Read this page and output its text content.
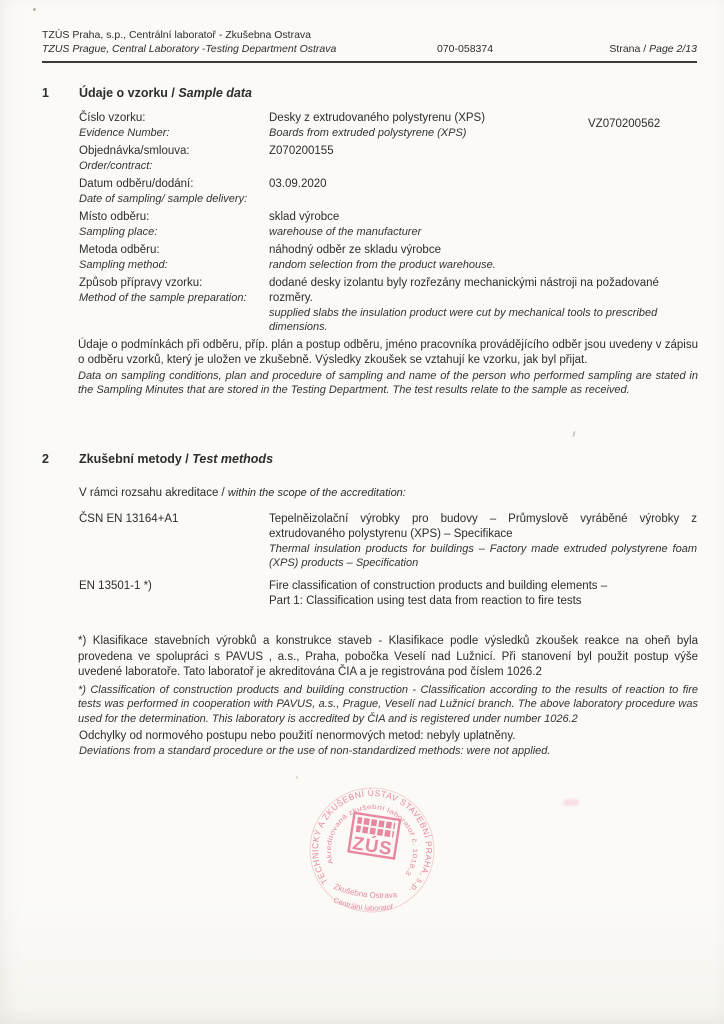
TZÚS Praha, s.p., Centrální laboratoř - Zkušebna Ostrava
TZUS Prague, Central Laboratory -Testing Department Ostrava	070-058374	Strana / Page 2/13
1 Údaje o vzorku / Sample data
VZ070200562
Číslo vzorku:
Evidence Number:
Desky z extrudovaného polystyrenu (XPS)
Boards from extruded polystyrene (XPS)
Objednávka/smlouva:
Order/contract:
Z070200155
Datum odběru/dodání:
Date of sampling/ sample delivery:
03.09.2020
Místo odběru:
Sampling place:
sklad výrobce
warehouse of the manufacturer
Metoda odběru:
Sampling method:
náhodný odběr ze skladu výrobce
random selection from the product warehouse.
Způsob přípravy vzorku:
Method of the sample preparation:
dodané desky izolantu byly rozřezány mechanickými nástroji na požadované rozměry.
supplied slabs the insulation product were cut by mechanical tools to prescribed dimensions.
Údaje o podmínkách při odběru, příp. plán a postup odběru, jméno pracovníka provádějícího odběr jsou uvedeny v zápisu o odběru vzorků, který je uložen ve zkušebně. Výsledky zkoušek se vztahují ke vzorku, jak byl přijat.
Data on sampling conditions, plan and procedure of sampling and name of the person who performed sampling are stated in the Sampling Minutes that are stored in the Testing Department. The test results relate to the sample as received.
2 Zkušební metody / Test methods
V rámci rozsahu akreditace / within the scope of the accreditation:
ČSN EN 13164+A1	Tepelněizolační výrobky pro budovy – Průmyslově vyráběné výrobky z extrudovaného polystyrenu (XPS) – Specifikace
Thermal insulation products for buildings – Factory made extruded polystyrene foam (XPS) products – Specification
EN 13501-1 *)	Fire classification of construction products and building elements –
Part 1: Classification using test data from reaction to fire tests
*) Klasifikace stavebních výrobků a konstrukce staveb - Klasifikace podle výsledků zkoušek reakce na oheň byla provedena ve spolupráci s PAVUS , a.s., Praha, pobočka Veselí nad Lužnicí. Při stanovení byl použit postup výše uvedené laboratoře. Tato laboratoř je akreditována ČIA a je registrována pod číslem 1026.2
*) Classification of construction products and building construction - Classification according to the results of reaction to fire tests was performed in cooperation with PAVUS, a.s., Prague, Veselí nad Lužnicí branch. The above laboratory procedure was used for the determination. This laboratory is accredited by ČIA and is registered under number 1026.2
Odchylky od normového postupu nebo použití nenormových metod: nebyly uplatněny.
Deviations from a standard procedure or the use of non-standardized methods: were not applied.
TECHNICKÝ A ZKUŠEBNÍ ÚSTAV STAVEBNÍ PRAHA, s.p.
Akreditovaná zkušební laboratoř č. 1018.3
ZÚS
Zkušebna Ostrava
Centrální laboratoř
